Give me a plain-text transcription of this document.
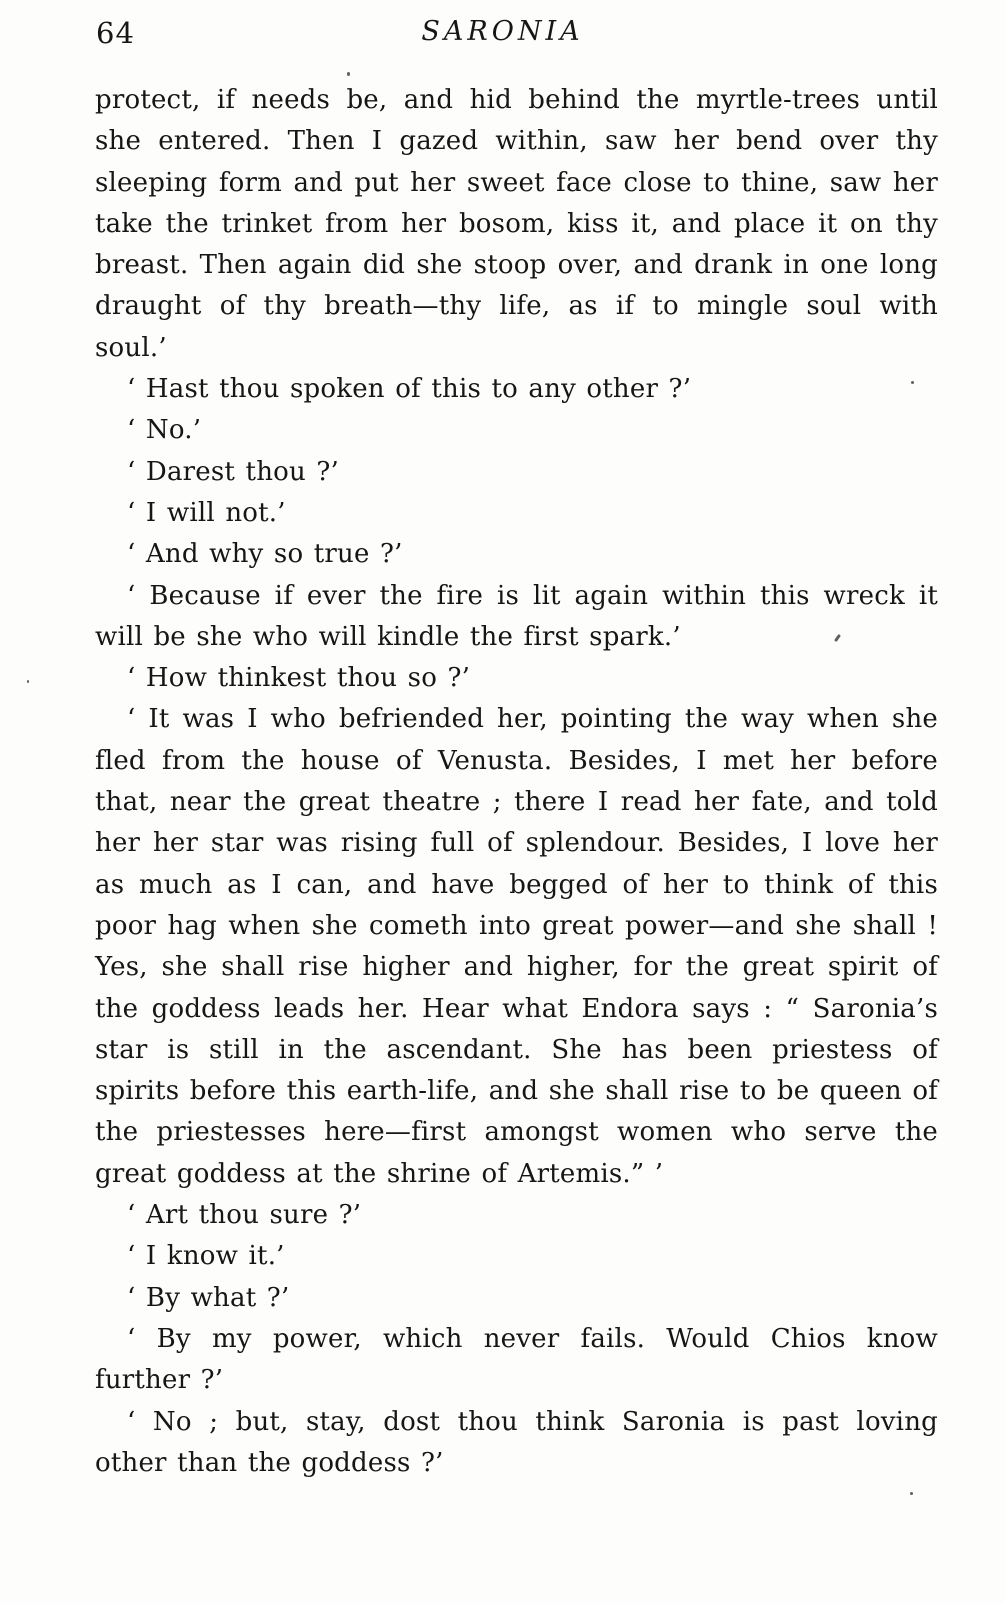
64	SARONIA

protect, if needs be, and hid behind the myrtle-trees until she entered. Then I gazed within, saw her bend over thy sleeping form and put her sweet face close to thine, saw her take the trinket from her bosom, kiss it, and place it on thy breast. Then again did she stoop over, and drank in one long draught of thy breath—thy life, as if to mingle soul with soul.’

‘ Hast thou spoken of this to any other ?’

‘ No.’

‘ Darest thou ?’

‘ I will not.’

‘ And why so true ?’

‘ Because if ever the fire is lit again within this wreck it will be she who will kindle the first spark.’

‘ How thinkest thou so ?’

‘ It was I who befriended her, pointing the way when she fled from the house of Venusta. Besides, I met her before that, near the great theatre ; there I read her fate, and told her her star was rising full of splendour. Besides, I love her as much as I can, and have begged of her to think of this poor hag when she cometh into great power—and she shall ! Yes, she shall rise higher and higher, for the great spirit of the goddess leads her. Hear what Endora says : “ Saronia’s star is still in the ascendant. She has been priestess of spirits before this earth-life, and she shall rise to be queen of the priestesses here—first amongst women who serve the great goddess at the shrine of Artemis.” ’

‘ Art thou sure ?’

‘ I know it.’

‘ By what ?’

‘ By my power, which never fails. Would Chios know further ?’

‘ No ; but, stay, dost thou think Saronia is past loving other than the goddess ?’
